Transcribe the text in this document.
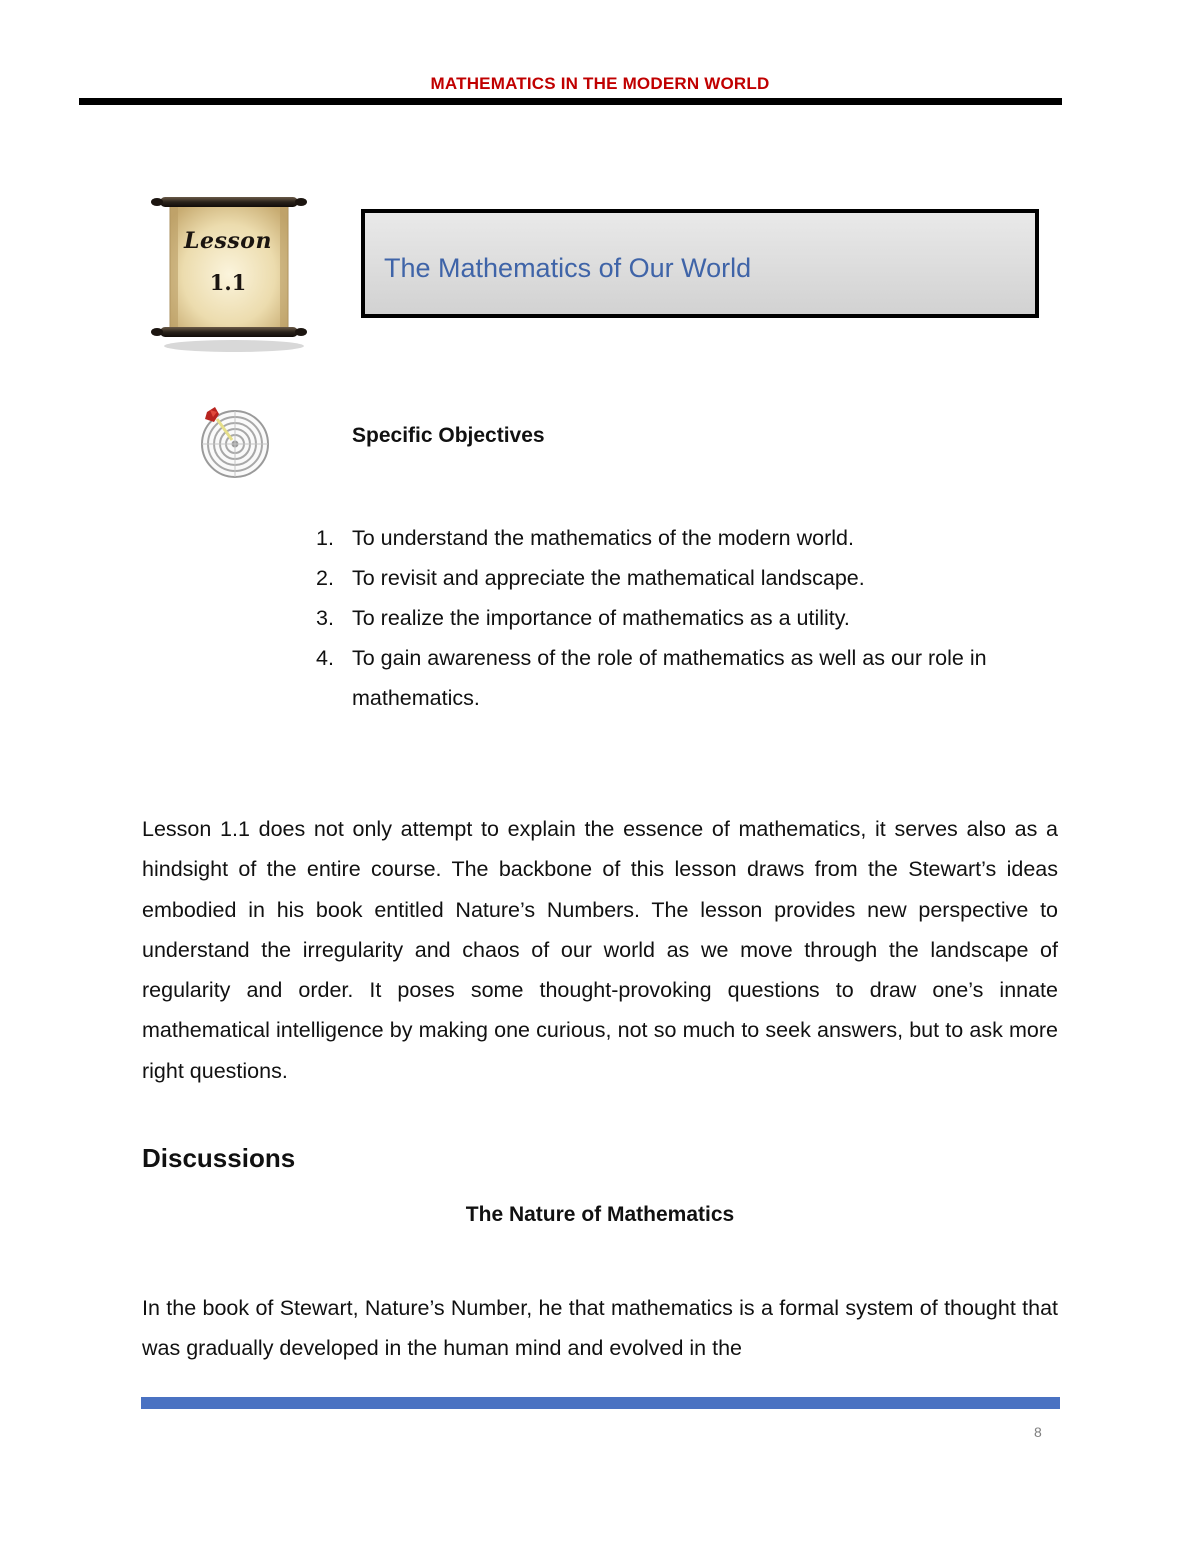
MATHEMATICS IN THE MODERN WORLD
Lesson
1.1	The Mathematics of Our World
Specific Objectives
1. To understand the mathematics of the modern world.
2. To revisit and appreciate the mathematical landscape.
3. To realize the importance of mathematics as a utility.
4. To gain awareness of the role of mathematics as well as our role in mathematics.

Lesson 1.1 does not only attempt to explain the essence of mathematics, it serves also as a hindsight of the entire course. The backbone of this lesson draws from the Stewart’s ideas embodied in his book entitled Nature’s Numbers. The lesson provides new perspective to understand the irregularity and chaos of our world as we move through the landscape of regularity and order. It poses some thought-provoking questions to draw one’s innate mathematical intelligence by making one curious, not so much to seek answers, but to ask more right questions.

Discussions
The Nature of Mathematics

In the book of Stewart, Nature’s Number, he that mathematics is a formal system of thought that was gradually developed in the human mind and evolved in the

8
